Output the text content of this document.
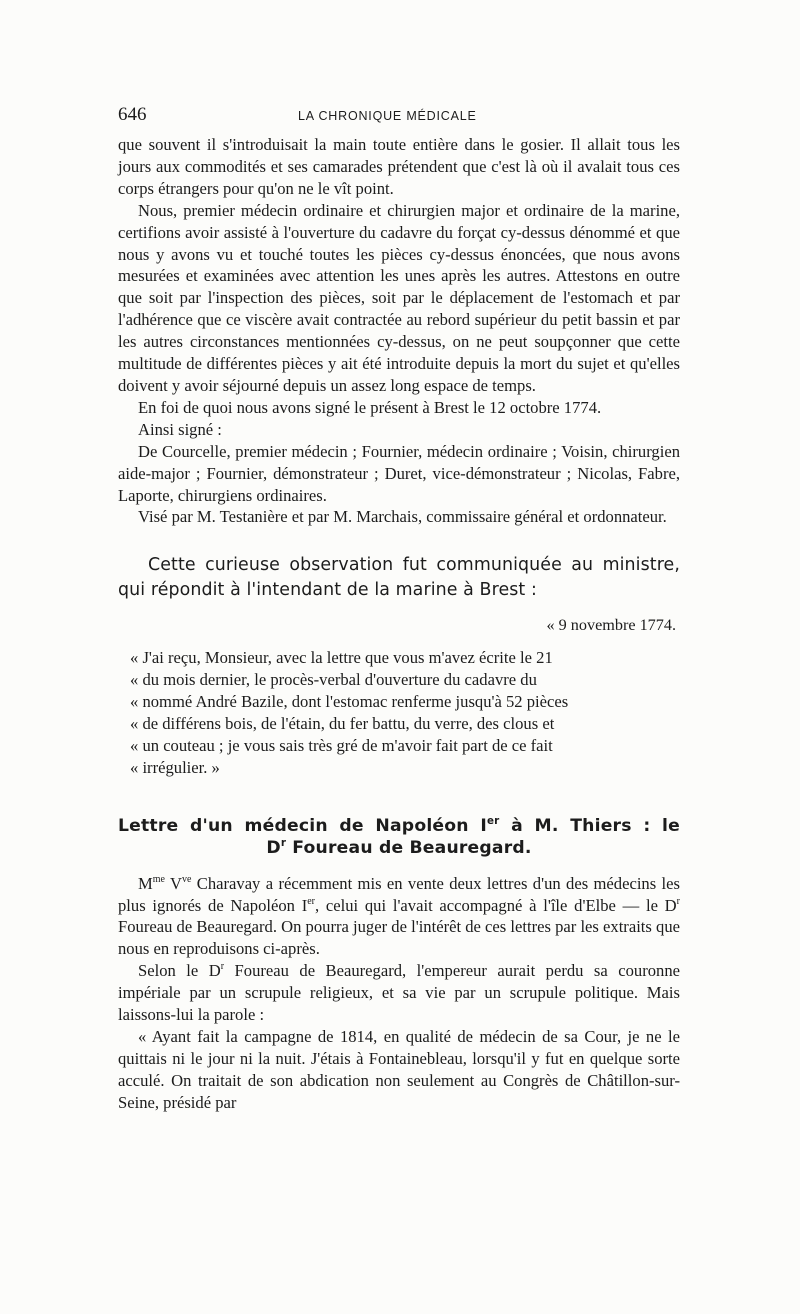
646	LA CHRONIQUE MÉDICALE

que souvent il s'introduisait la main toute entière dans le gosier. Il allait tous les jours aux commodités et ses camarades prétendent que c'est là où il avalait tous ces corps étrangers pour qu'on ne le vît point.

Nous, premier médecin ordinaire et chirurgien major et ordinaire de la marine, certifions avoir assisté à l'ouverture du cadavre du forçat cy-dessus dénommé et que nous y avons vu et touché toutes les pièces cy-dessus énoncées, que nous avons mesurées et examinées avec attention les unes après les autres. Attestons en outre que soit par l'inspection des pièces, soit par le déplacement de l'estomach et par l'adhérence que ce viscère avait contractée au rebord supérieur du petit bassin et par les autres circonstances mentionnées cy-dessus, on ne peut soupçonner que cette multitude de différentes pièces y ait été introduite depuis la mort du sujet et qu'elles doivent y avoir séjourné depuis un assez long espace de temps.

En foi de quoi nous avons signé le présent à Brest le 12 octobre 1774.

Ainsi signé :

De Courcelle, premier médecin ; Fournier, médecin ordinaire ; Voisin, chirurgien aide-major ; Fournier, démonstrateur ; Duret, vice-démonstrateur ; Nicolas, Fabre, Laporte, chirurgiens ordinaires.

Visé par M. Testanière et par M. Marchais, commissaire général et ordonnateur.

Cette curieuse observation fut communiquée au ministre, qui répondit à l'intendant de la marine à Brest :

« 9 novembre 1774.

« J'ai reçu, Monsieur, avec la lettre que vous m'avez écrite le 21

« du mois dernier, le procès-verbal d'ouverture du cadavre du

« nommé André Bazile, dont l'estomac renferme jusqu'à 52 pièces

« de différens bois, de l'étain, du fer battu, du verre, des clous et

« un couteau ; je vous sais très gré de m'avoir fait part de ce fait

« irrégulier. »

Lettre d'un médecin de Napoléon Ier à M. Thiers : le
$D^r$ Foureau de Beauregard.

$M^{me}$ $V^{ve}$ Charavay a récemment mis en vente deux lettres d'un des médecins les plus ignorés de Napoléon Ier, celui qui l'avait accompagné à l'île d'Elbe — le $D^r$ Foureau de Beauregard. On pourra juger de l'intérêt de ces lettres par les extraits que nous en reproduisons ci-après.

Selon le $D^r$ Foureau de Beauregard, l'empereur aurait perdu sa couronne impériale par un scrupule religieux, et sa vie par un scrupule politique. Mais laissons-lui la parole :

« Ayant fait la campagne de 1814, en qualité de médecin de sa Cour, je ne le quittais ni le jour ni la nuit. J'étais à Fontainebleau, lorsqu'il y fut en quelque sorte acculé. On traitait de son abdication non seulement au Congrès de Châtillon-sur-Seine, présidé par
